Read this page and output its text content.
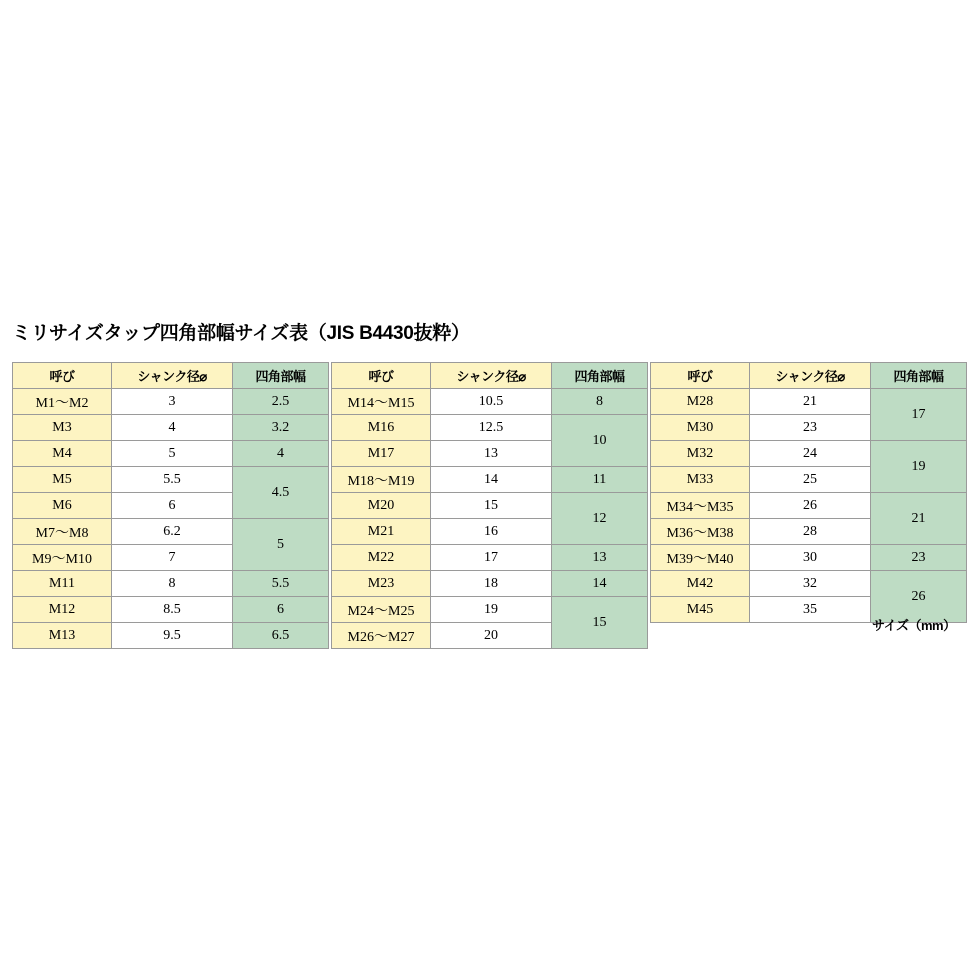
ミリサイズタップ四角部幅サイズ表（JIS B4430抜粋）
呼び	シャンク径⌀	四角部幅		呼び	シャンク径⌀	四角部幅		呼び	シャンク径⌀	四角部幅
M1〜M2	3	2.5		M14〜M15	10.5	8		M28	21	17
M3	4	3.2		M16	12.5	10		M30	23	
M4	5	4		M17	13			M32	24	19
M5	5.5	4.5		M18〜M19	14	11		M33	25	
M6	6			M20	15	12		M34〜M35	26	21
M7〜M8	6.2	5		M21	16			M36〜M38	28	
M9〜M10	7			M22	17	13		M39〜M40	30	23
M11	8	5.5		M23	18	14		M42	32	26
M12	8.5	6		M24〜M25	19	15		M45	35	
M13	9.5	6.5		M26〜M27	20					
サイズ（mm）
